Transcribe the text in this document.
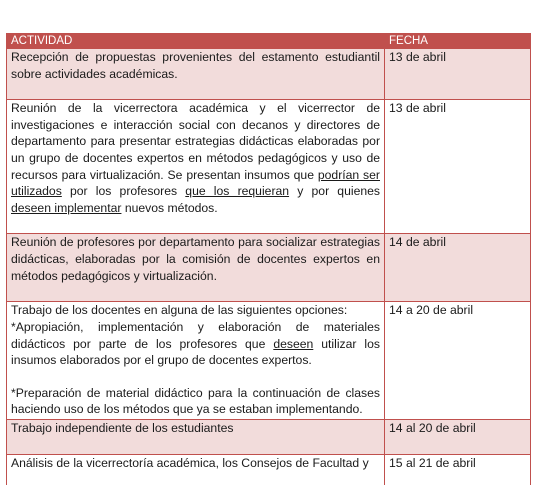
ACTIVIDAD	FECHA
Recepción de propuestas provenientes del estamento estudiantil sobre actividades académicas.	13 de abril

Reunión de la vicerrectora académica y el vicerrector de investigaciones e interacción social con decanos y directores de departamento para presentar estrategias didácticas elaboradas por un grupo de docentes expertos en métodos pedagógicos y uso de recursos para virtualización. Se presentan insumos que podrían ser utilizados por los profesores que los requieran y por quienes deseen implementar nuevos métodos.	13 de abril

Reunión de profesores por departamento para socializar estrategias didácticas, elaboradas por la comisión de docentes expertos en métodos pedagógicos y virtualización.	14 de abril

Trabajo de los docentes en alguna de las siguientes opciones:
*Apropiación, implementación y elaboración de materiales didácticos por parte de los profesores que deseen utilizar los insumos elaborados por el grupo de docentes expertos.
*Preparación de material didáctico para la continuación de clases haciendo uso de los métodos que ya se estaban implementando.	14 a 20 de abril
Trabajo independiente de los estudiantes	14 al 20 de abril

Análisis de la vicerrectoría académica, los Consejos de Facultad y	15 al 21 de abril
